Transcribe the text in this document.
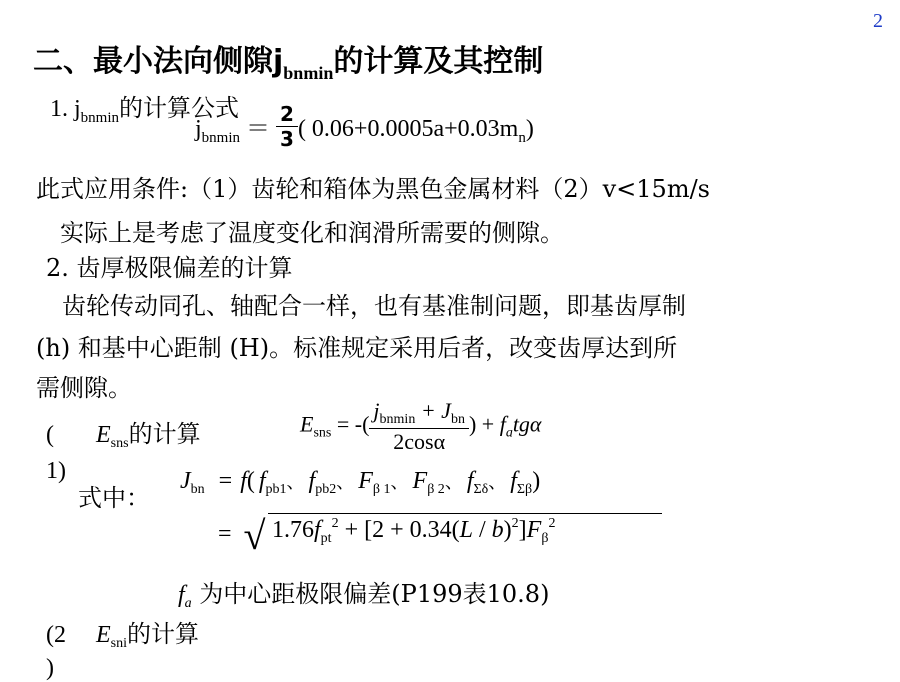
2
二、最小法向侧隙$j_{bnmin}$的计算及其控制
1. $j_{bnmin}$的计算公式
$j_{bnmin} = \frac{2}{3}$ ( $0.06+0.0005a+0.03m_n$)
此式应用条件:（1）齿轮和箱体为黑色金属材料（2）v<15m/s
实际上是考虑了温度变化和润滑所需要的侧隙。
2. 齿厚极限偏差的计算
齿轮传动同孔、轴配合一样，也有基准制问题，即基齿厚制
(h) 和基中心距制 (H)。标准规定采用后者，改变齿厚达到所
需侧隙。
(
1)
$E_{sns}$的计算	$E_{sns}$ = -( $\frac{j_{bnmin} + J_{bn}}{2\cos\alpha}$ ) + $f_atg\alpha$
式中：
$J_{bn} = f$( $f_{pb1}$、 $f_{pb2}$、 $F_{\beta 1}$、 $F_{\beta 2}$、 $f_{\Sigma\delta}$、 $f_{\Sigma\beta}$)
= √ $1.76f_{pt}^2 + [2 + 0.34(L / b)^2]F_\beta^2$
$f_a$ 为中心距极限偏差(P199表10.8)
(2
)
$E_{sni}$的计算
